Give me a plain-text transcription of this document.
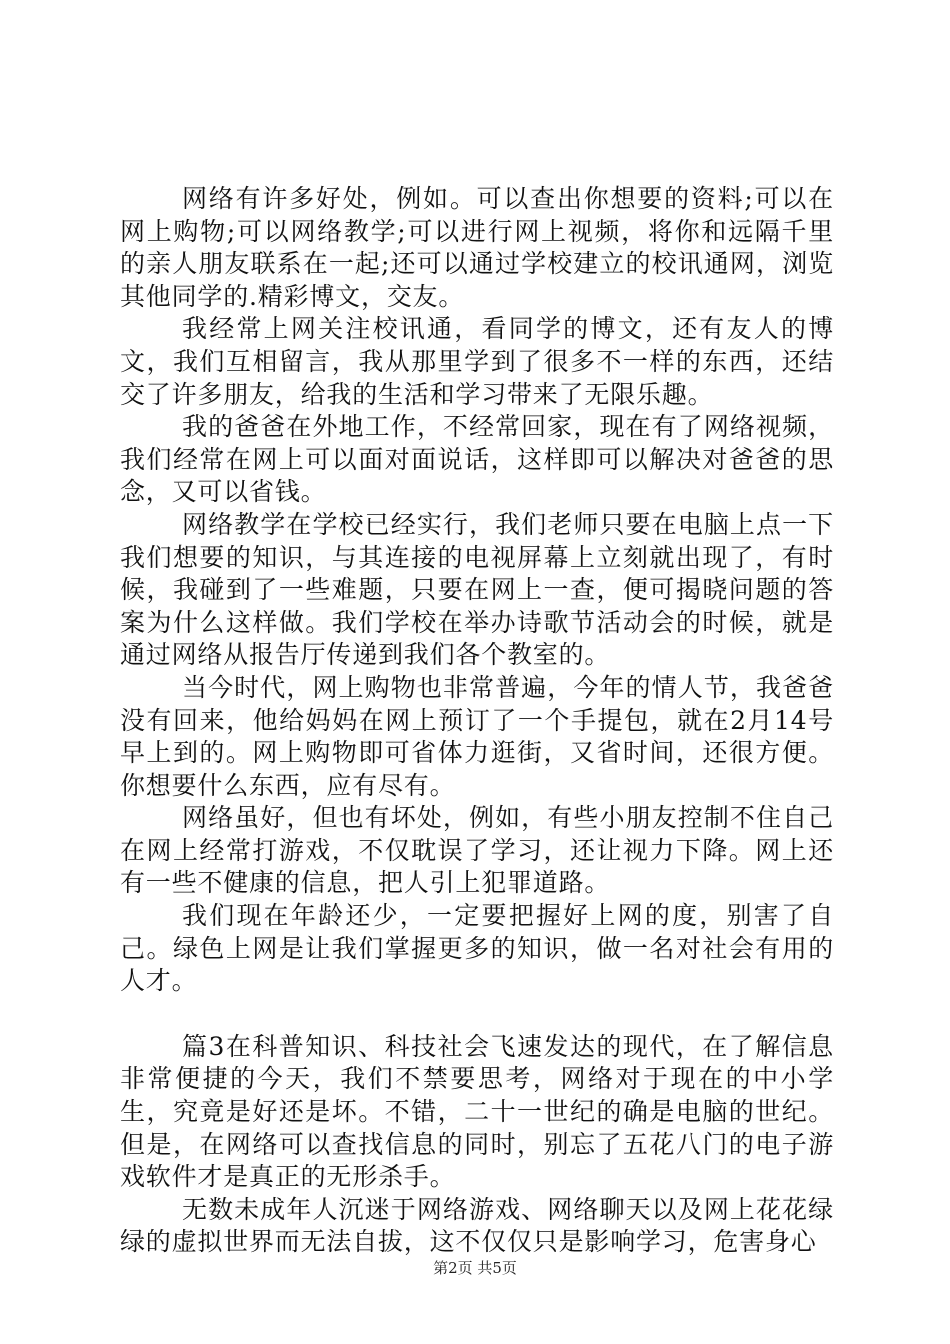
网络有许多好处，例如。可以查出你想要的资料;可以在网上购物;可以网络教学;可以进行网上视频，将你和远隔千里的亲人朋友联系在一起;还可以通过学校建立的校讯通网，浏览其他同学的.精彩博文，交友。

我经常上网关注校讯通，看同学的博文，还有友人的博文，我们互相留言，我从那里学到了很多不一样的东西，还结交了许多朋友，给我的生活和学习带来了无限乐趣。

我的爸爸在外地工作，不经常回家，现在有了网络视频，我们经常在网上可以面对面说话，这样即可以解决对爸爸的思念，又可以省钱。

网络教学在学校已经实行，我们老师只要在电脑上点一下我们想要的知识，与其连接的电视屏幕上立刻就出现了，有时候，我碰到了一些难题，只要在网上一查，便可揭晓问题的答案为什么这样做。我们学校在举办诗歌节活动会的时候，就是通过网络从报告厅传递到我们各个教室的。

当今时代，网上购物也非常普遍，今年的情人节，我爸爸没有回来，他给妈妈在网上预订了一个手提包，就在2月14号早上到的。网上购物即可省体力逛街，又省时间，还很方便。你想要什么东西，应有尽有。

网络虽好，但也有坏处，例如，有些小朋友控制不住自己在网上经常打游戏，不仅耽误了学习，还让视力下降。网上还有一些不健康的信息，把人引上犯罪道路。

我们现在年龄还少，一定要把握好上网的度，别害了自己。绿色上网是让我们掌握更多的知识，做一名对社会有用的人才。

篇3在科普知识、科技社会飞速发达的现代，在了解信息非常便捷的今天，我们不禁要思考，网络对于现在的中小学生，究竟是好还是坏。不错，二十一世纪的确是电脑的世纪。但是，在网络可以查找信息的同时，别忘了五花八门的电子游戏软件才是真正的无形杀手。

无数未成年人沉迷于网络游戏、网络聊天以及网上花花绿绿的虚拟世界而无法自拔，这不仅仅只是影响学习，危害身心

第2页 共5页
